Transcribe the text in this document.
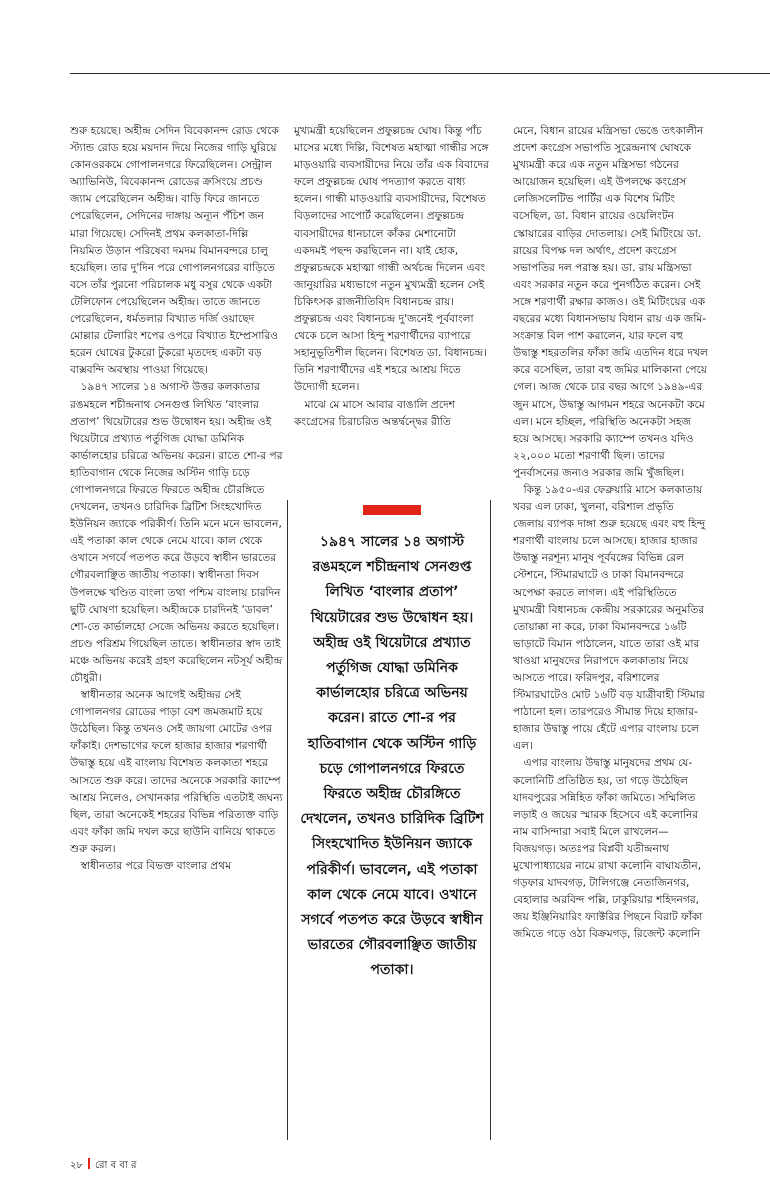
শুরু হয়েছে। অহীন্দ্র সেদিন বিবেকানন্দ রোড থেকে স্ট্যান্ড রোড হয়ে ময়দান দিয়ে নিজের গাড়ি ঘুরিয়ে কোনওরকমে গোপালনগরে ফিরেছিলেন। সেন্ট্রাল অ্যাভিনিউ, বিবেকানন্দ রোডের ক্রসিংয়ে প্রচণ্ড জ্যাম পেরেছিলেন অহীন্দ্র। বাড়ি ফিরে জানতে পেরেছিলেন, সেদিনের দাঙ্গায় অন্যূন পঁচিশ জন মারা গিয়েছে। সেদিনই প্রথম কলকাতা-দিল্লি নিয়মিত উড়ান পরিষেবা দমদম বিমানবন্দরে চালু হয়েছিল। তার দু'দিন পরে গোপালনগরের বাড়িতে বসে তাঁর পুরনো পরিচালক মধু বসুর থেকে একটা টেলিফোন পেয়েছিলেন অহীন্দ্র। তাতে জানতে পেরেছিলেন, ধর্মতলার বিখ্যাত দর্জি ওয়াছেদ মোল্লার টেলারিং শপের ওপরে বিখ্যাত ইম্প্রেসারিও হরেন ঘোষের টুকরো টুকরো মৃতদেহ একটা বড় বাক্সবন্দি অবস্থায় পাওয়া গিয়েছে।

১৯৪৭ সালের ১৪ অগাস্ট উত্তর কলকাতার রঙমহলে শচীন্দ্রনাথ সেনগুপ্ত লিখিত ‘বাংলার প্রতাপ’ থিয়েটারের শুভ উদ্বোধন হয়। অহীন্দ্র ওই থিয়েটারে প্রখ্যাত পর্তুগিজ যোদ্ধা ডমিনিক কার্ভালহোর চরিত্রে অভিনয় করেন। রাতে শো-র পর হাতিবাগান থেকে নিজের অস্টিন গাড়ি চড়ে গোপালনগরে ফিরতে ফিরতে অহীন্দ্র চৌরঙ্গিতে দেখলেন, তখনও চারিদিক ব্রিটিশ সিংহখোদিত ইউনিয়ন জ্যাকে পরিকীর্ণ। তিনি মনে মনে ভাবলেন, এই পতাকা কাল থেকে নেমে যাবে। কাল থেকে ওখানে সগর্বে পতপত করে উড়বে স্বাধীন ভারতের গৌরবলাঞ্ছিত জাতীয় পতাকা। স্বাধীনতা দিবস উপলক্ষে খণ্ডিত বাংলা তথা পশ্চিম বাংলায় চারদিন ছুটি ঘোষণা হয়েছিল। অহীন্দ্রকে চারদিনই ‘ডাবল’ শো-তে কার্ভালহো সেজে অভিনয় করতে হয়েছিল। প্রচণ্ড পরিশ্রম গিয়েছিল তাতে। স্বাধীনতার স্বাদ তাই মঞ্চে অভিনয় করেই গ্রহণ করেছিলেন নটসূর্য অহীন্দ্র চৌধুরী।

স্বাধীনতার অনেক আগেই অহীন্দ্রর সেই গোপালনগর রোডের পাড়া বেশ জমজমাট হয়ে উঠেছিল। কিন্তু তখনও সেই জায়গা মোটের ওপর ফাঁকাই। দেশভাগের ফলে হাজার হাজার শরণার্থী উদ্বাস্তু হয়ে এই বাংলায় বিশেষত কলকাতা শহরে আসতে শুরু করে। তাদের অনেকে সরকারি ক্যাম্পে আশ্রয় নিলেও, সেখানকার পরিস্থিতি এতটাই জঘন্য ছিল, তারা অনেকেই শহরের বিভিন্ন পরিত্যক্ত বাড়ি এবং ফাঁকা জমি দখল করে ছাউনি বানিয়ে থাকতে শুরু করল।

স্বাধীনতার পরে বিভক্ত বাংলার প্রথম

মুখ্যমন্ত্রী হয়েছিলেন প্রফুল্লচন্দ্র ঘোষ। কিন্তু পাঁচ মাসের মধ্যে দিল্লি, বিশেষত মহাত্মা গান্ধীর সঙ্গে মাড়ওয়ারি ব্যবসায়ীদের নিয়ে তাঁর এক বিবাদের ফলে প্রফুল্লচন্দ্র ঘোষ পদত্যাগ করতে বাধ্য হলেন। গান্ধী মাড়ওয়ারি ব্যবসায়ীদের, বিশেষত বিড়লাদের সাপোর্ট করেছিলেন। প্রফুল্লচন্দ্র ব্যবসায়ীদের ধানচালে কাঁকর মেশানোটা একদমই পছন্দ করছিলেন না। যাই হোক, প্রফুল্লচন্দ্রকে মহাত্মা গান্ধী অর্থচন্দ্র দিলেন এবং জানুয়ারির মধ্যভাগে নতুন মুখ্যমন্ত্রী হলেন সেই চিকিৎসক রাজনীতিবিদ বিধানচন্দ্র রায়। প্রফুল্লচন্দ্র এবং বিধানচন্দ্র দু'জনেই পূর্ববাংলা থেকে চলে আসা হিন্দু শরণার্থীদের ব্যাপারে সহানুভূতিশীল ছিলেন। বিশেষত ডা. বিধানচন্দ্র। তিনি শরণার্থীদের এই শহরে আশ্রয় দিতে উদ্যোগী হলেন।

মাঝে মে মাসে আবার বাঙালি প্রদেশ কংগ্রেসের চিরাচরিত অন্তর্দ্বন্দ্বের রীতি

১৯৪৭ সালের ১৪ অগাস্ট রঙমহলে শচীন্দ্রনাথ সেনগুপ্ত লিখিত ‘বাংলার প্রতাপ’ থিয়েটারের শুভ উদ্বোধন হয়। অহীন্দ্র ওই থিয়েটারে প্রখ্যাত পর্তুগিজ যোদ্ধা ডমিনিক কার্ভালহোর চরিত্রে অভিনয় করেন। রাতে শো-র পর হাতিবাগান থেকে অস্টিন গাড়ি চড়ে গোপালনগরে ফিরতে ফিরতে অহীন্দ্র চৌরঙ্গিতে দেখলেন, তখনও চারিদিক ব্রিটিশ সিংহখোদিত ইউনিয়ন জ্যাকে পরিকীর্ণ। ভাবলেন, এই পতাকা কাল থেকে নেমে যাবে। ওখানে সগর্বে পতপত করে উড়বে স্বাধীন ভারতের গৌরবলাঞ্ছিত জাতীয় পতাকা।

মেনে, বিধান রায়ের মন্ত্রিসভা ভেঙে তৎকালীন প্রদেশ কংগ্রেস সভাপতি সুরেন্দ্রনাথ ঘোষকে মুখ্যমন্ত্রী করে এক নতুন মন্ত্রিসভা গঠনের আয়োজন হয়েছিল। এই উপলক্ষে কংগ্রেস লেজিসলেটিভ পার্টির এক বিশেষ মিটিং বসেছিল, ডা. বিধান রায়ের ওয়েলিংটন স্কোয়ারের বাড়ির দোতলায়। সেই মিটিংয়ে ডা. রায়ের বিপক্ষ দল অর্থাৎ, প্রদেশ কংগ্রেস সভাপতির দল পরাস্ত হয়। ডা. রায় মন্ত্রিসভা এবং সরকার নতুন করে পুনর্গঠিত করেন। সেই সঙ্গে শরণার্থী রক্ষার কাজও। ওই মিটিংয়ের এক বছরের মধ্যে বিধানসভায় বিধান রায় এক জমি-সংক্রান্ত বিল পাশ করালেন, যার ফলে বহু উদ্বাস্তু শহরতলির ফাঁকা জমি এতদিন ধরে দখল করে বসেছিল, তারা বহু জমির মালিকানা পেয়ে গেল। আজ থেকে চার বছর আগে ১৯৪৯-এর জুন মাসে, উদ্বাস্তু আগমন শহরে অনেকটা কমে এল। মনে হচ্ছিল, পরিস্থিতি অনেকটা সহজ হয়ে আসছে। সরকারি ক্যাম্পে তখনও যদিও ২২,০০০ মতো শরণার্থী ছিল। তাদের পুনর্বাসনের জন্যও সরকার জমি খুঁজছিল।

কিন্তু ১৯৫০-এর ফেব্রুয়ারি মাসে কলকাতায় খবর এল ঢাকা, খুলনা, বরিশাল প্রভৃতি জেলায় ব্যাপক দাঙ্গা শুরু হয়েছে এবং বহু হিন্দু শরণার্থী বাংলায় চলে আসছে। হাজার হাজার উদ্বাস্তু নরশূন্য মানুষ পূর্ববঙ্গের বিভিন্ন রেল স্টেশনে, স্টিমারঘাটে ও ঢাকা বিমানবন্দরে অপেক্ষা করতে লাগল। এই পরিস্থিতিতে মুখ্যমন্ত্রী বিধানচন্দ্র কেন্দ্রীয় সরকারের অনুমতির তোয়াক্কা না করে, ঢাকা বিমানবন্দরে ১৬টি ভাড়াটে বিমান পাঠালেন, যাতে তারা ওই মার খাওয়া মানুষদের নিরাপদে কলকাতায় নিয়ে আসতে পারে। ফরিদপুর, বরিশালের স্টিমারঘাটেও মোট ১৬টি বড় যাত্রীবাহী স্টিমার পাঠানো হল। তারপরেও সীমান্ত দিয়ে হাজার-হাজার উদ্বাস্তু পায়ে হেঁটে এপার বাংলায় চলে এল।

এপার বাংলায় উদ্বাস্তু মানুষদের প্রথম যে-কলোনিটি প্রতিষ্ঠিত হয়, তা গড়ে উঠেছিল যাদবপুরের সন্নিহিত ফাঁকা জমিতে। সম্মিলিত লড়াই ও জয়ের স্মারক হিসেবে এই কলোনির নাম বাসিন্দারা সবাই মিলে রাখলেন— বিজয়গড়। অতঃপর বিপ্লবী যতীন্দ্রনাথ মুখোপাধ্যায়ের নামে রাখা কলোনি বাঘাযতীন, গড়ফার যাদবগড়, টালিগঞ্জে নেতাজিনগর, বেহালার অরবিন্দ পল্লি, ঢাকুরিয়ার শহিদনগর, জয় ইঞ্জিনিয়ারিং ফ্যাক্টরির পিছনে বিরাট ফাঁকা জমিতে গড়ে ওঠা বিক্রমগড়, রিজেন্ট কলোনি

২৮ রো ব বা র
